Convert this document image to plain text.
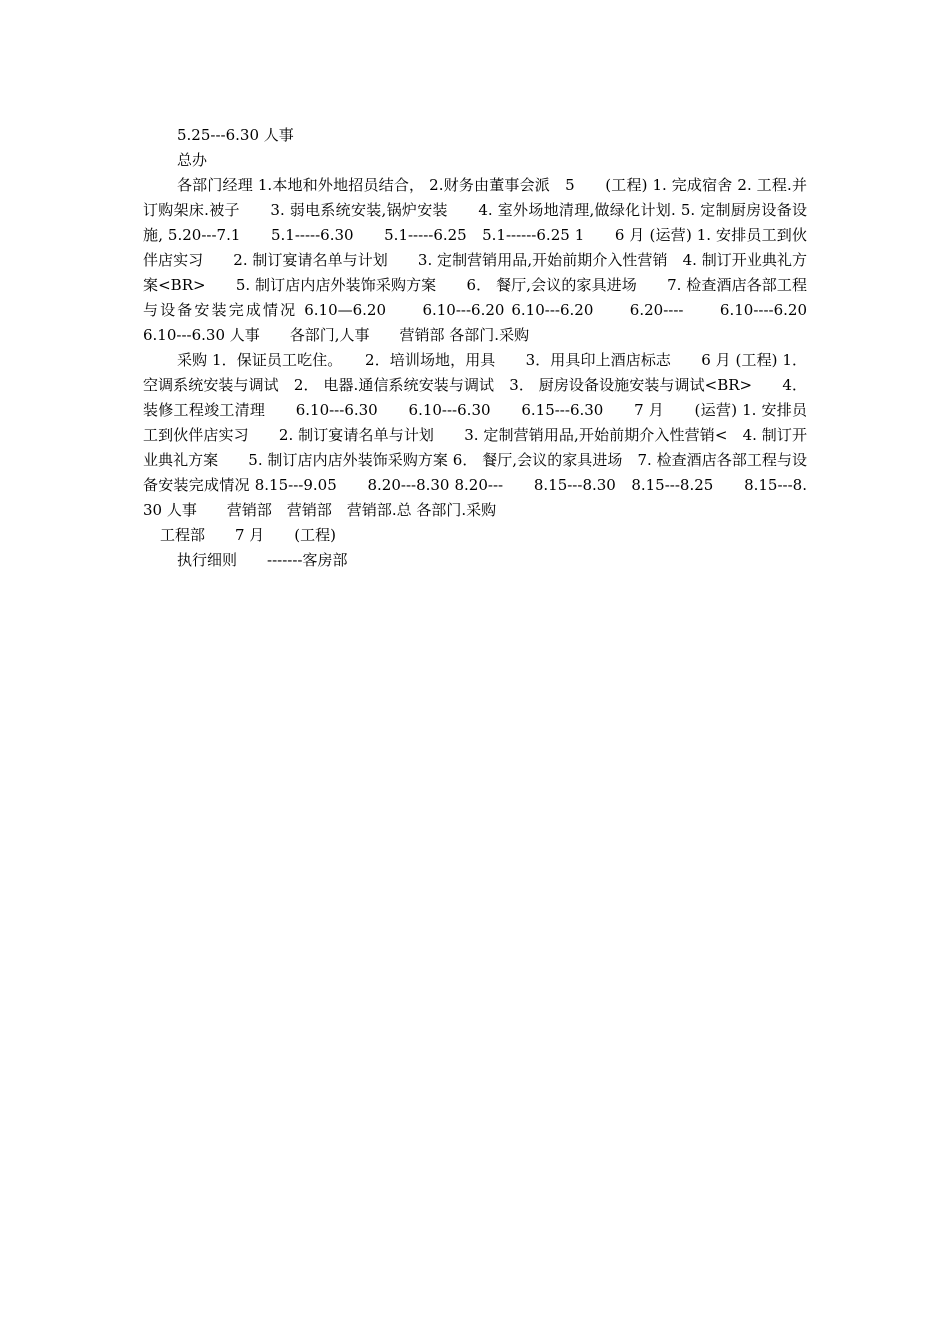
5.25---6.30 人事

总办

各部门经理 1.本地和外地招员结合， 2.财务由董事会派　5　　(工程) 1. 完成宿舍 2. 工程.并订购架床.被子　　3. 弱电系统安装,锅炉安装　　4. 室外场地清理,做绿化计划. 5. 定制厨房设备设施, 5.20---7.1　　5.1-----6.30　　5.1-----6.25　5.1------6.25 1　　6 月 (运营) 1. 安排员工到伙伴店实习　　2. 制订宴请名单与计划　　3. 定制营销用品,开始前期介入性营销　4. 制订开业典礼方案<BR>　　5. 制订店内店外装饰采购方案　　6． 餐厅,会议的家具进场　　7. 检查酒店各部工程与设备安装完成情况 6.10—6.20　　6.10---6.20 6.10---6.20　　6.20----　　6.10----6.20　　6.10---6.30 人事　　各部门,人事　　营销部 各部门.采购

采购 1．保证员工吃住。　　2．培训场地，用具　　3．用具印上酒店标志　　6 月 (工程) 1． 空调系统安装与调试　2． 电器.通信系统安装与调试　3． 厨房设备设施安装与调试<BR>　　4． 装修工程竣工清理　　6.10---6.30　　6.10---6.30　　6.15---6.30　　7 月　　(运营) 1. 安排员工到伙伴店实习　　2. 制订宴请名单与计划　　3. 定制营销用品,开始前期介入性营销<　4. 制订开业典礼方案　　5. 制订店内店外装饰采购方案 6． 餐厅,会议的家具进场　7. 检查酒店各部工程与设备安装完成情况 8.15---9.05　　8.20---8.30 8.20---　　8.15---8.30　8.15---8.25　　8.15---8.30 人事　　营销部　营销部　营销部.总 各部门.采购

工程部　　7 月　　(工程)

执行细则　　-------客房部
